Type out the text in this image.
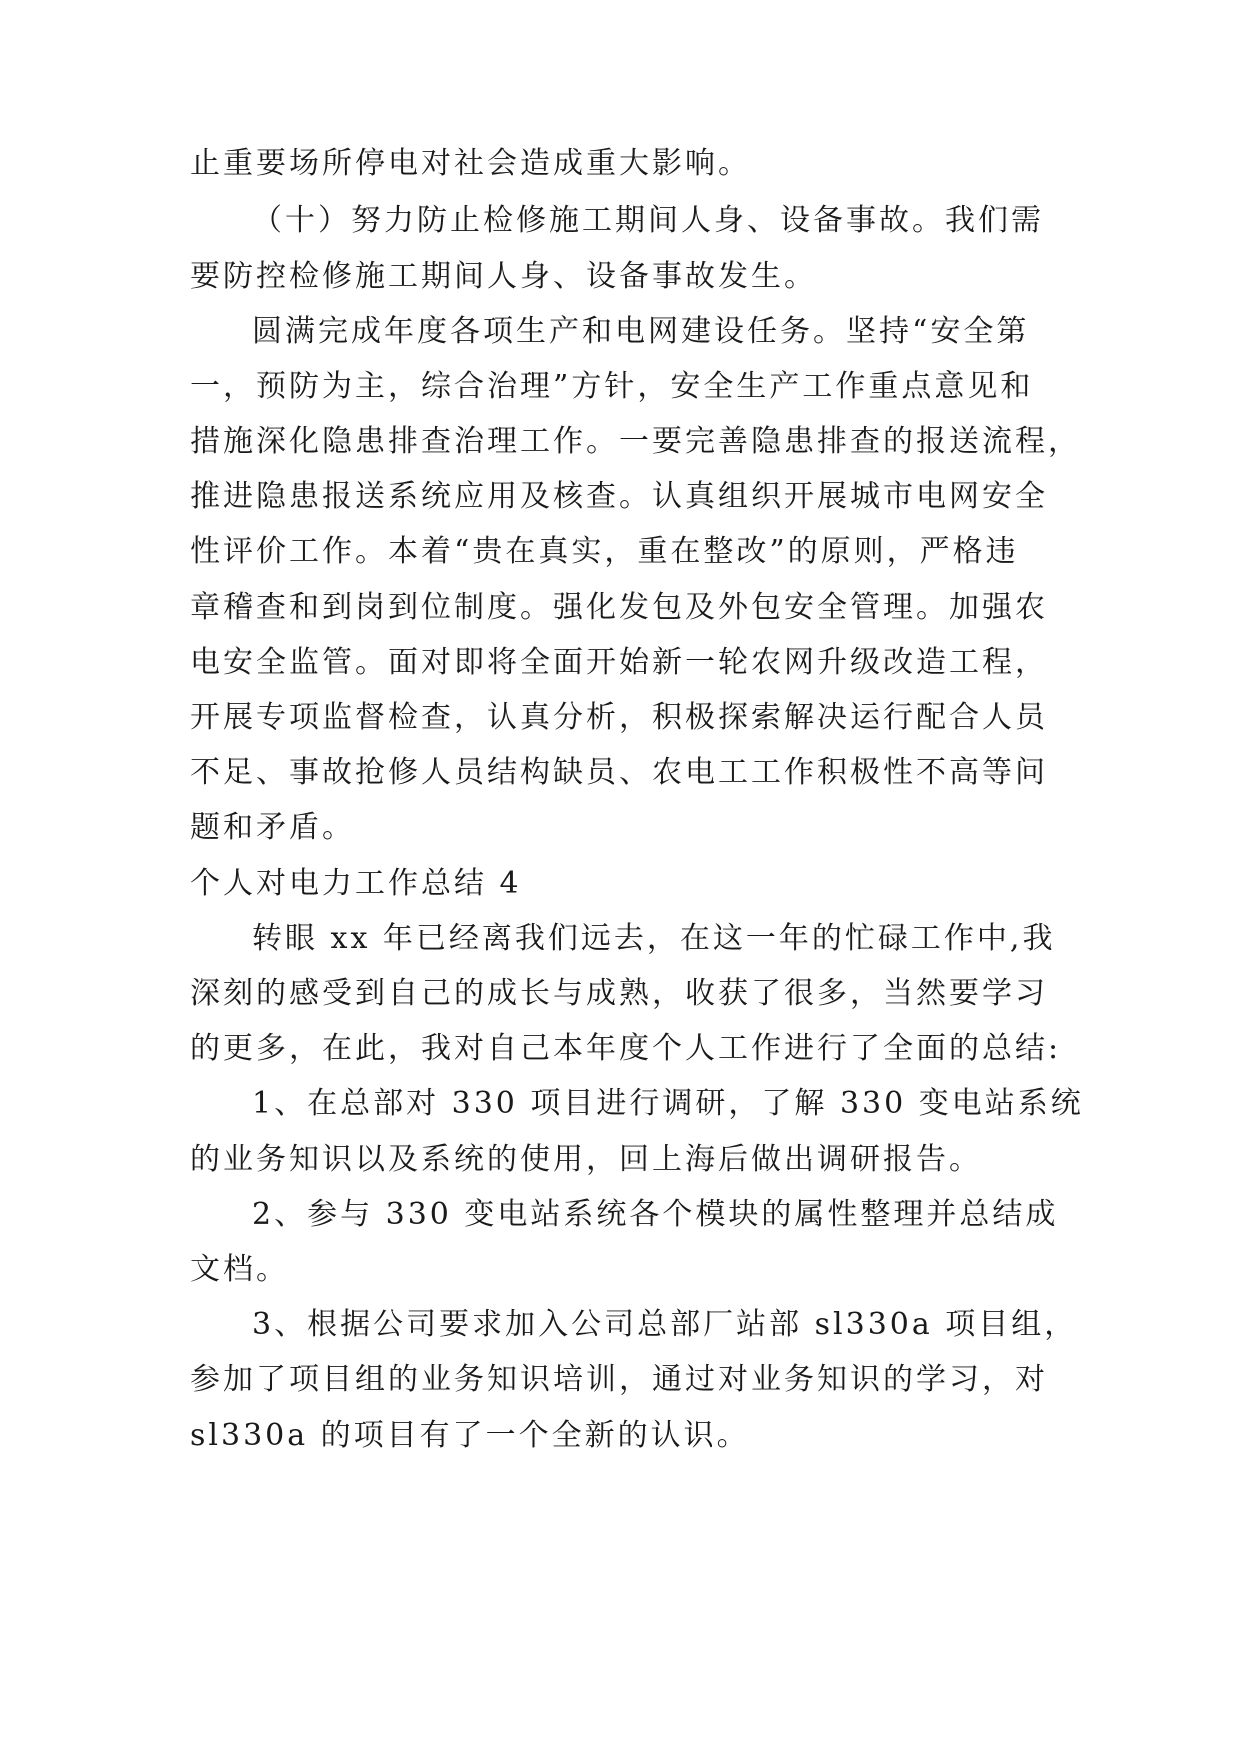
止重要场所停电对社会造成重大影响。
（十）努力防止检修施工期间人身、设备事故。我们需
要防控检修施工期间人身、设备事故发生。
圆满完成年度各项生产和电网建设任务。坚持“安全第
一，预防为主，综合治理”方针，安全生产工作重点意见和
措施深化隐患排查治理工作。一要完善隐患排查的报送流程，
推进隐患报送系统应用及核查。认真组织开展城市电网安全
性评价工作。本着“贵在真实，重在整改”的原则，严格违
章稽查和到岗到位制度。强化发包及外包安全管理。加强农
电安全监管。面对即将全面开始新一轮农网升级改造工程，
开展专项监督检查，认真分析，积极探索解决运行配合人员
不足、事故抢修人员结构缺员、农电工工作积极性不高等问
题和矛盾。
个人对电力工作总结 4
转眼 xx 年已经离我们远去，在这一年的忙碌工作中,我
深刻的感受到自己的成长与成熟，收获了很多，当然要学习
的更多，在此，我对自己本年度个人工作进行了全面的总结:
1、在总部对 330 项目进行调研，了解 330 变电站系统
的业务知识以及系统的使用，回上海后做出调研报告。
2、参与 330 变电站系统各个模块的属性整理并总结成
文档。
3、根据公司要求加入公司总部厂站部 sl330a 项目组，
参加了项目组的业务知识培训，通过对业务知识的学习，对
sl330a 的项目有了一个全新的认识。
